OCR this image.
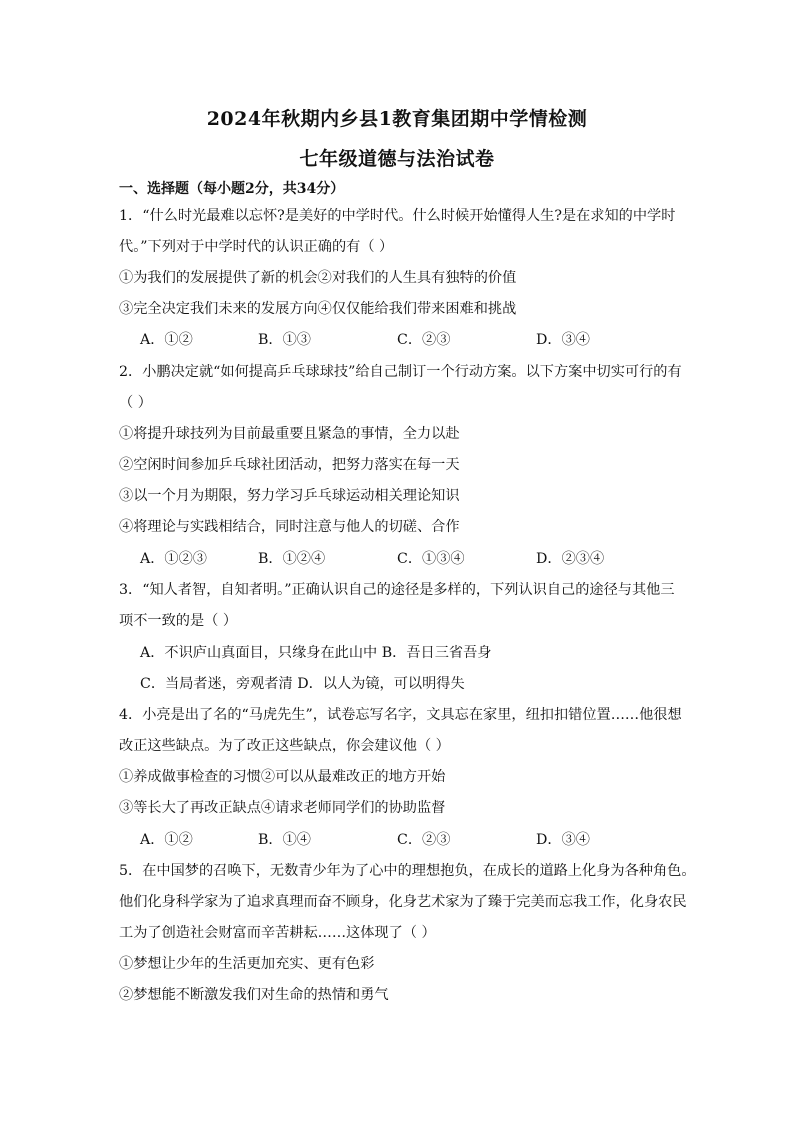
2024年秋期内乡县1教育集团期中学情检测
七年级道德与法治试卷
一、选择题（每小题2分，共34分）
1．“什么时光最难以忘怀?是美好的中学时代。什么时候开始懂得人生?是在求知的中学时
代。”下列对于中学时代的认识正确的有（ ）
①为我们的发展提供了新的机会②对我们的人生具有独特的价值
③完全决定我们未来的发展方向④仅仅能给我们带来困难和挑战
A．①②	B．①③	C．②③	D．③④
2．小鹏决定就“如何提高乒乓球球技”给自己制订一个行动方案。以下方案中切实可行的有
（ ）
①将提升球技列为目前最重要且紧急的事情，全力以赴
②空闲时间参加乒乓球社团活动，把努力落实在每一天
③以一个月为期限，努力学习乒乓球运动相关理论知识
④将理论与实践相结合，同时注意与他人的切磋、合作
A．①②③	B．①②④	C．①③④	D．②③④
3．“知人者智，自知者明。”正确认识自己的途径是多样的，下列认识自己的途径与其他三
项不一致的是（ ）
A．不识庐山真面目，只缘身在此山中 B．吾日三省吾身
C．当局者迷，旁观者清 D．以人为镜，可以明得失
4．小亮是出了名的“马虎先生”，试卷忘写名字，文具忘在家里，纽扣扣错位置……他很想
改正这些缺点。为了改正这些缺点，你会建议他（ ）
①养成做事检查的习惯②可以从最难改正的地方开始
③等长大了再改正缺点④请求老师同学们的协助监督
A．①②	B．①④	C．②③	D．③④
5．在中国梦的召唤下，无数青少年为了心中的理想抱负，在成长的道路上化身为各种角色。
他们化身科学家为了追求真理而奋不顾身，化身艺术家为了臻于完美而忘我工作，化身农民
工为了创造社会财富而辛苦耕耘……这体现了（ ）
①梦想让少年的生活更加充实、更有色彩
②梦想能不断激发我们对生命的热情和勇气
